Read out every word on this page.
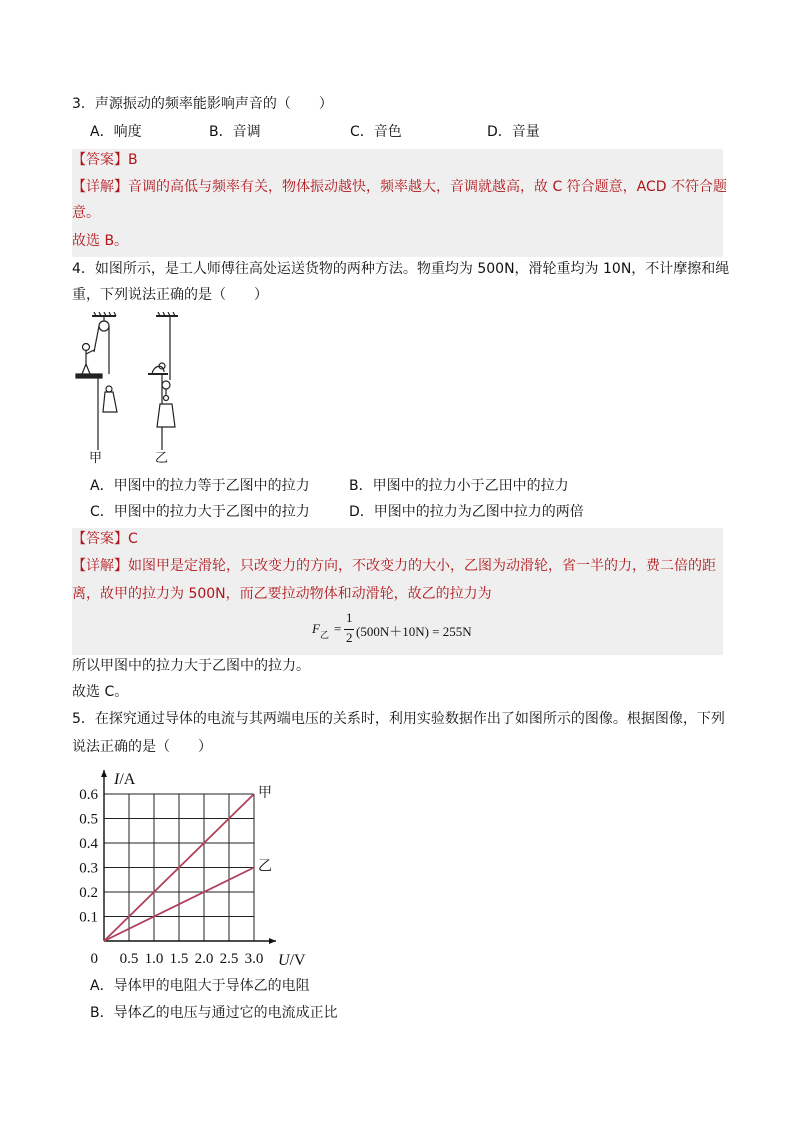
3．声源振动的频率能影响声音的（　　）
A．响度	B．音调	C．音色	D．音量
【答案】B
【详解】音调的高低与频率有关，物体振动越快，频率越大，音调就越高，故 C 符合题意，ACD 不符合题
意。
故选 B。
4．如图所示，是工人师傅往高处运送货物的两种方法。物重均为 500N，滑轮重均为 10N，不计摩擦和绳
重，下列说法正确的是（　　）
甲	乙
A．甲图中的拉力等于乙图中的拉力	B．甲图中的拉力小于乙田中的拉力
C．甲图中的拉力大于乙图中的拉力	D．甲图中的拉力为乙图中拉力的两倍
【答案】C
【详解】如图甲是定滑轮，只改变力的方向，不改变力的大小，乙图为动滑轮，省一半的力，费二倍的距
离，故甲的拉力为 500N，而乙要拉动物体和动滑轮，故乙的拉力为
F 乙 =
1
2 (500N＋10N) = 255N
所以甲图中的拉力大于乙图中的拉力。
故选 C。
5．在探究通过导体的电流与其两端电压的关系时，利用实验数据作出了如图所示的图像。根据图像，下列
说法正确的是（　　）
0.5 1.0 1.5 2.0 2.5 3.0
0.1
0.2
0.3
0.4
0.5
0.6
0
I/A
U/V
甲
乙
A．导体甲的电阻大于导体乙的电阻
B．导体乙的电压与通过它的电流成正比
